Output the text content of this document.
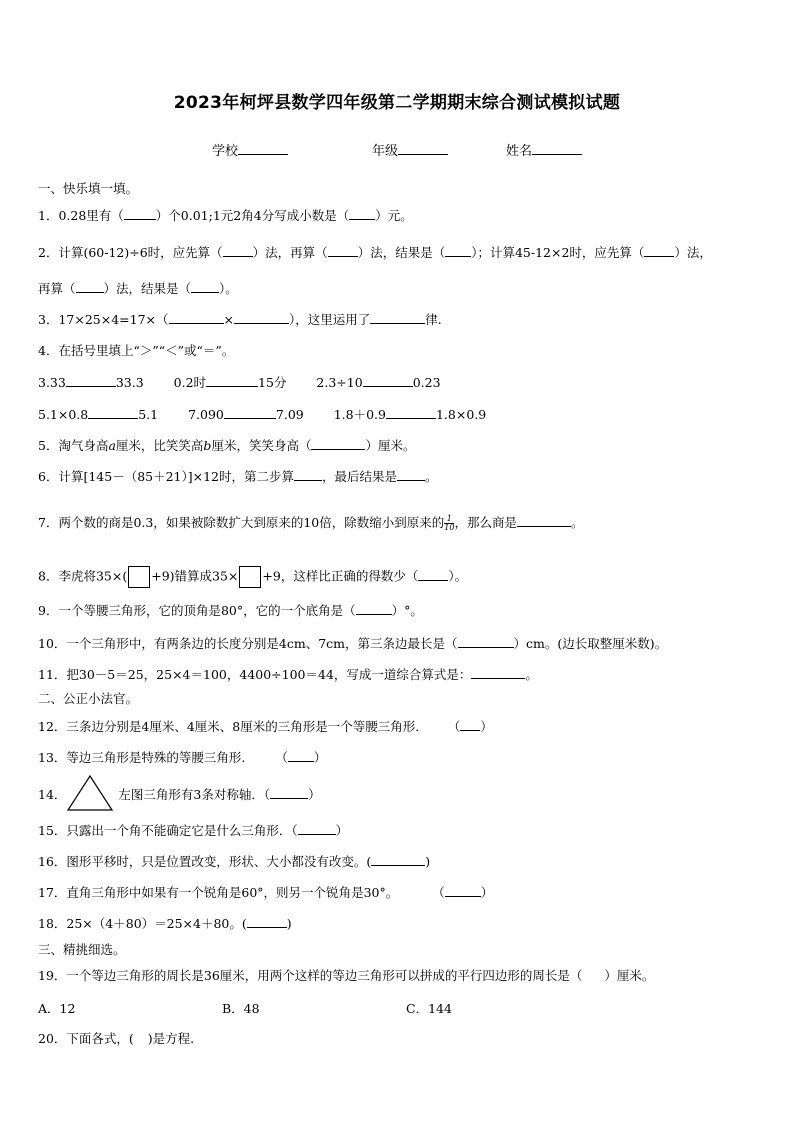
2023年柯坪县数学四年级第二学期期末综合测试模拟试题
学校	年级	姓名
一、快乐填一填。
1．0.28里有（	）个0.01;1元2角4分写成小数是（ ）元。
2．计算(60-12)÷6时，应先算（ ）法，再算（ ）法，结果是（ ）；计算45-12×2时，应先算（ ）法，
再算（ ）法，结果是（ ）。
3．17×25×4=17×（	×	），这里运用了	律.
4．在括号里填上“＞”“＜”或“＝”。
3.33	33.3 0.2时	15分 2.3÷10	0.23
5.1×0.8	5.1 7.090	7.09 1.8＋0.9	1.8×0.9
5．淘气身高a厘米，比笑笑高b厘米，笑笑身高（	）厘米。
6．计算[145－（85＋21）]×12时，第二步算 ，最后结果是 。
7．两个数的商是0.3，如果被除数扩大到原来的10倍，除数缩小到原来的 $\frac{1}{10}$ ，那么商是	。
8．李虎将35×( +9)错算成35× +9，这样比正确的得数少（ ）。
9．一个等腰三角形，它的顶角是80°，它的一个底角是（	）°。
10．一个三角形中，有两条边的长度分别是4cm、7cm，第三条边最长是（	）cm。(边长取整厘米数)。
11．把30－5＝25，25×4＝100，4400÷100＝44，写成一道综合算式是：	。
二、公正小法官。
12．三条边分别是4厘米、4厘米、8厘米的三角形是一个等腰三角形． （ ）
13．等边三角形是特殊的等腰三角形. （ ）
14．	左图三角形有3条对称轴．（	）
15．只露出一个角不能确定它是什么三角形．（	）
16．图形平移时，只是位置改变，形状、大小都没有改变。(	)
17．直角三角形中如果有一个锐角是60°，则另一个锐角是30°。	（	）
18．25×（4＋80）＝25×4＋80。(	)
三、精挑细选。
19．一个等边三角形的周长是36厘米，用两个这样的等边三角形可以拼成的平行四边形的周长是（ ）厘米。
A．12	B．48	C．144
20．下面各式，( )是方程.
